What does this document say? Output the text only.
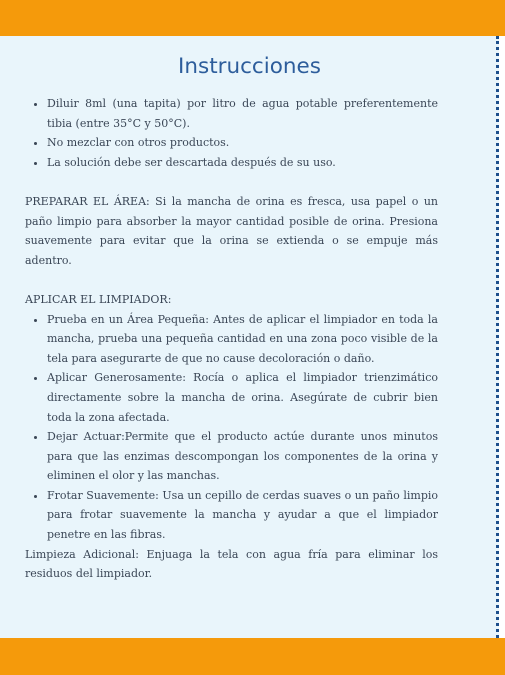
Instrucciones
• Diluir 8ml (una tapita) por litro de agua potable preferentemente tibia (entre 35°C y 50°C).
• No mezclar con otros productos.
• La solución debe ser descartada después de su uso.

PREPARAR EL ÁREA: Si la mancha de orina es fresca, usa papel o un paño limpio para absorber la mayor cantidad posible de orina. Presiona suavemente para evitar que la orina se extienda o se empuje más adentro.

APLICAR EL LIMPIADOR:

• Prueba en un Área Pequeña: Antes de aplicar el limpiador en toda la mancha, prueba una pequeña cantidad en una zona poco visible de la tela para asegurarte de que no cause decoloración o daño.
• Aplicar Generosamente: Rocía o aplica el limpiador trienzimático directamente sobre la mancha de orina. Asegúrate de cubrir bien toda la zona afectada.
• Dejar Actuar:Permite que el producto actúe durante unos minutos para que las enzimas descompongan los componentes de la orina y eliminen el olor y las manchas.
• Frotar Suavemente: Usa un cepillo de cerdas suaves o un paño limpio para frotar suavemente la mancha y ayudar a que el limpiador penetre en las fibras.

Limpieza Adicional: Enjuaga la tela con agua fría para eliminar los residuos del limpiador.
